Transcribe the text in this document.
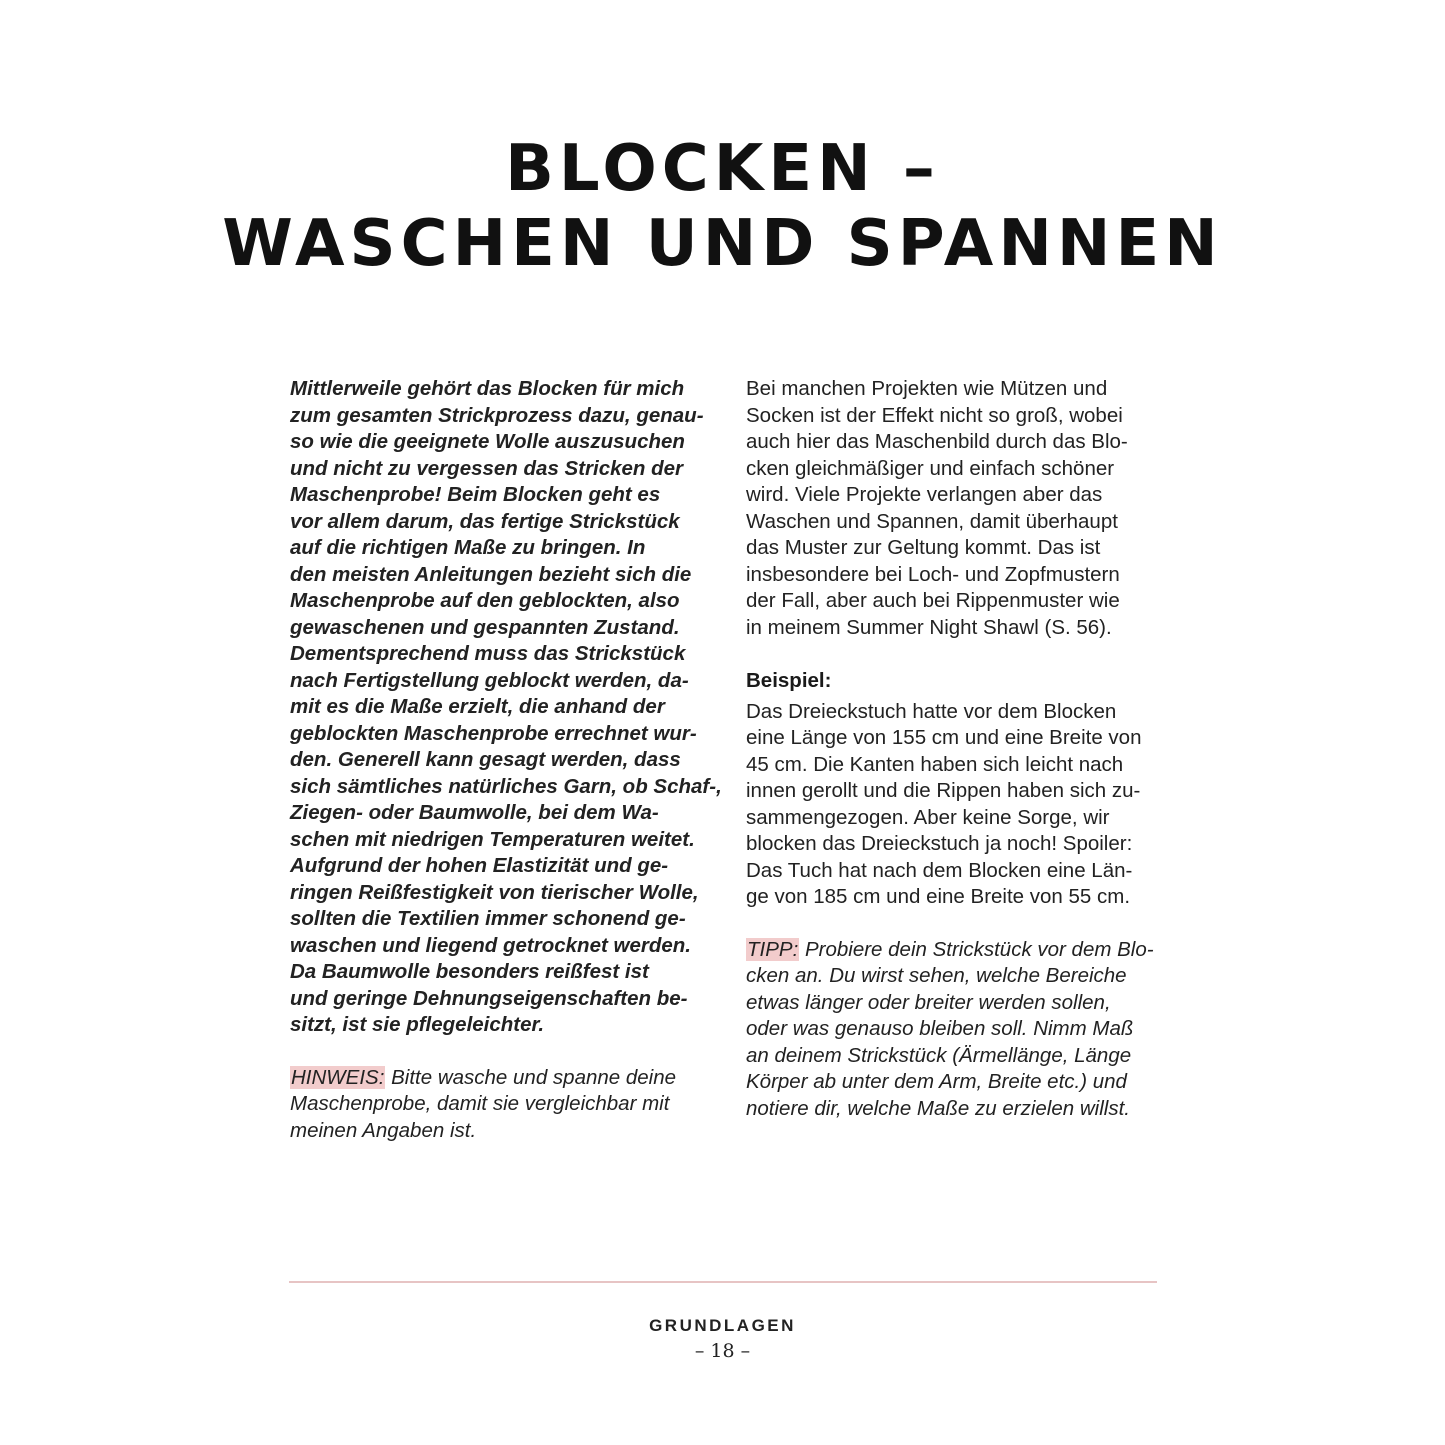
BLOCKEN –
WASCHEN UND SPANNEN
Mittlerweile gehört das Blocken für mich
zum gesamten Strickprozess dazu, genau-
so wie die geeignete Wolle auszusuchen
und nicht zu vergessen das Stricken der
Maschenprobe! Beim Blocken geht es
vor allem darum, das fertige Strickstück
auf die richtigen Maße zu bringen. In
den meisten Anleitungen bezieht sich die
Maschenprobe auf den geblockten, also
gewaschenen und gespannten Zustand.
Dementsprechend muss das Strickstück
nach Fertigstellung geblockt werden, da-
mit es die Maße erzielt, die anhand der
geblockten Maschenprobe errechnet wur-
den. Generell kann gesagt werden, dass
sich sämtliches natürliches Garn, ob Schaf-,
Ziegen- oder Baumwolle, bei dem Wa-
schen mit niedrigen Temperaturen weitet.
Aufgrund der hohen Elastizität und ge-
ringen Reißfestigkeit von tierischer Wolle,
sollten die Textilien immer schonend ge-
waschen und liegend getrocknet werden.
Da Baumwolle besonders reißfest ist
und geringe Dehnungseigenschaften be-
sitzt, ist sie pflegeleichter.
HINWEIS: Bitte wasche und spanne deine
Maschenprobe, damit sie vergleichbar mit
meinen Angaben ist.
Bei manchen Projekten wie Mützen und
Socken ist der Effekt nicht so groß, wobei
auch hier das Maschenbild durch das Blo-
cken gleichmäßiger und einfach schöner
wird. Viele Projekte verlangen aber das
Waschen und Spannen, damit überhaupt
das Muster zur Geltung kommt. Das ist
insbesondere bei Loch- und Zopfmustern
der Fall, aber auch bei Rippenmuster wie
in meinem Summer Night Shawl (S. 56).
Beispiel:
Das Dreieckstuch hatte vor dem Blocken
eine Länge von 155 cm und eine Breite von
45 cm. Die Kanten haben sich leicht nach
innen gerollt und die Rippen haben sich zu-
sammengezogen. Aber keine Sorge, wir
blocken das Dreieckstuch ja noch! Spoiler:
Das Tuch hat nach dem Blocken eine Län-
ge von 185 cm und eine Breite von 55 cm.
TIPP: Probiere dein Strickstück vor dem Blo-
cken an. Du wirst sehen, welche Bereiche
etwas länger oder breiter werden sollen,
oder was genauso bleiben soll. Nimm Maß
an deinem Strickstück (Ärmellänge, Länge
Körper ab unter dem Arm, Breite etc.) und
notiere dir, welche Maße zu erzielen willst.
GRUNDLAGEN
– 18 –
